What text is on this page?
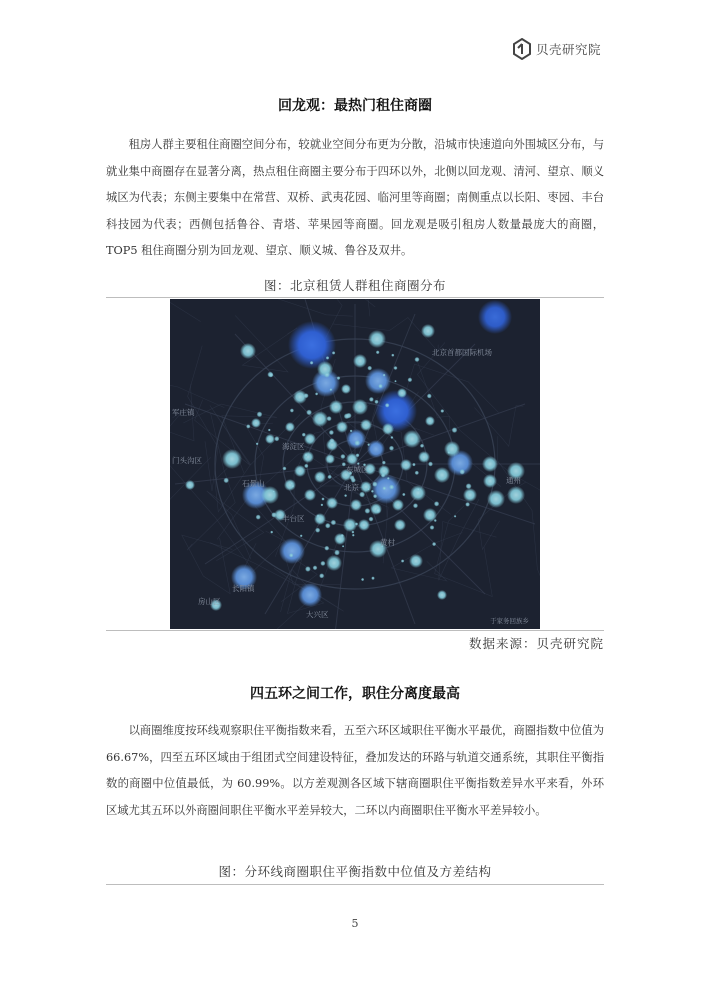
贝壳研究院
回龙观：最热门租住商圈

租房人群主要租住商圈空间分布，较就业空间分布更为分散，沿城市快速道向外围城区分布，与就业集中商圈存在显著分离，热点租住商圈主要分布于四环以外，北侧以回龙观、清河、望京、顺义城区为代表；东侧主要集中在常营、双桥、武夷花园、临河里等商圈；南侧重点以长阳、枣园、丰台科技园为代表；西侧包括鲁谷、青塔、苹果园等商圈。回龙观是吸引租房人数量最庞大的商圈，TOP5 租住商圈分别为回龙观、望京、顺义城、鲁谷及双井。

图：北京租赁人群租住商圈分布
北京首都国际机场
军庄镇
门头沟区
海淀区
东城区
北京
石景山
丰台区
通州
长阳镇
房山区
大兴区
黄村
于家务回族乡
数据来源：贝壳研究院
四五环之间工作，职住分离度最高

以商圈维度按环线观察职住平衡指数来看，五至六环区域职住平衡水平最优，商圈指数中位值为 66.67%，四至五环区域由于组团式空间建设特征，叠加发达的环路与轨道交通系统，其职住平衡指数的商圈中位值最低，为 60.99%。以方差观测各区域下辖商圈职住平衡指数差异水平来看，外环区域尤其五环以外商圈间职住平衡水平差异较大，二环以内商圈职住平衡水平差异较小。

图：分环线商圈职住平衡指数中位值及方差结构
5
